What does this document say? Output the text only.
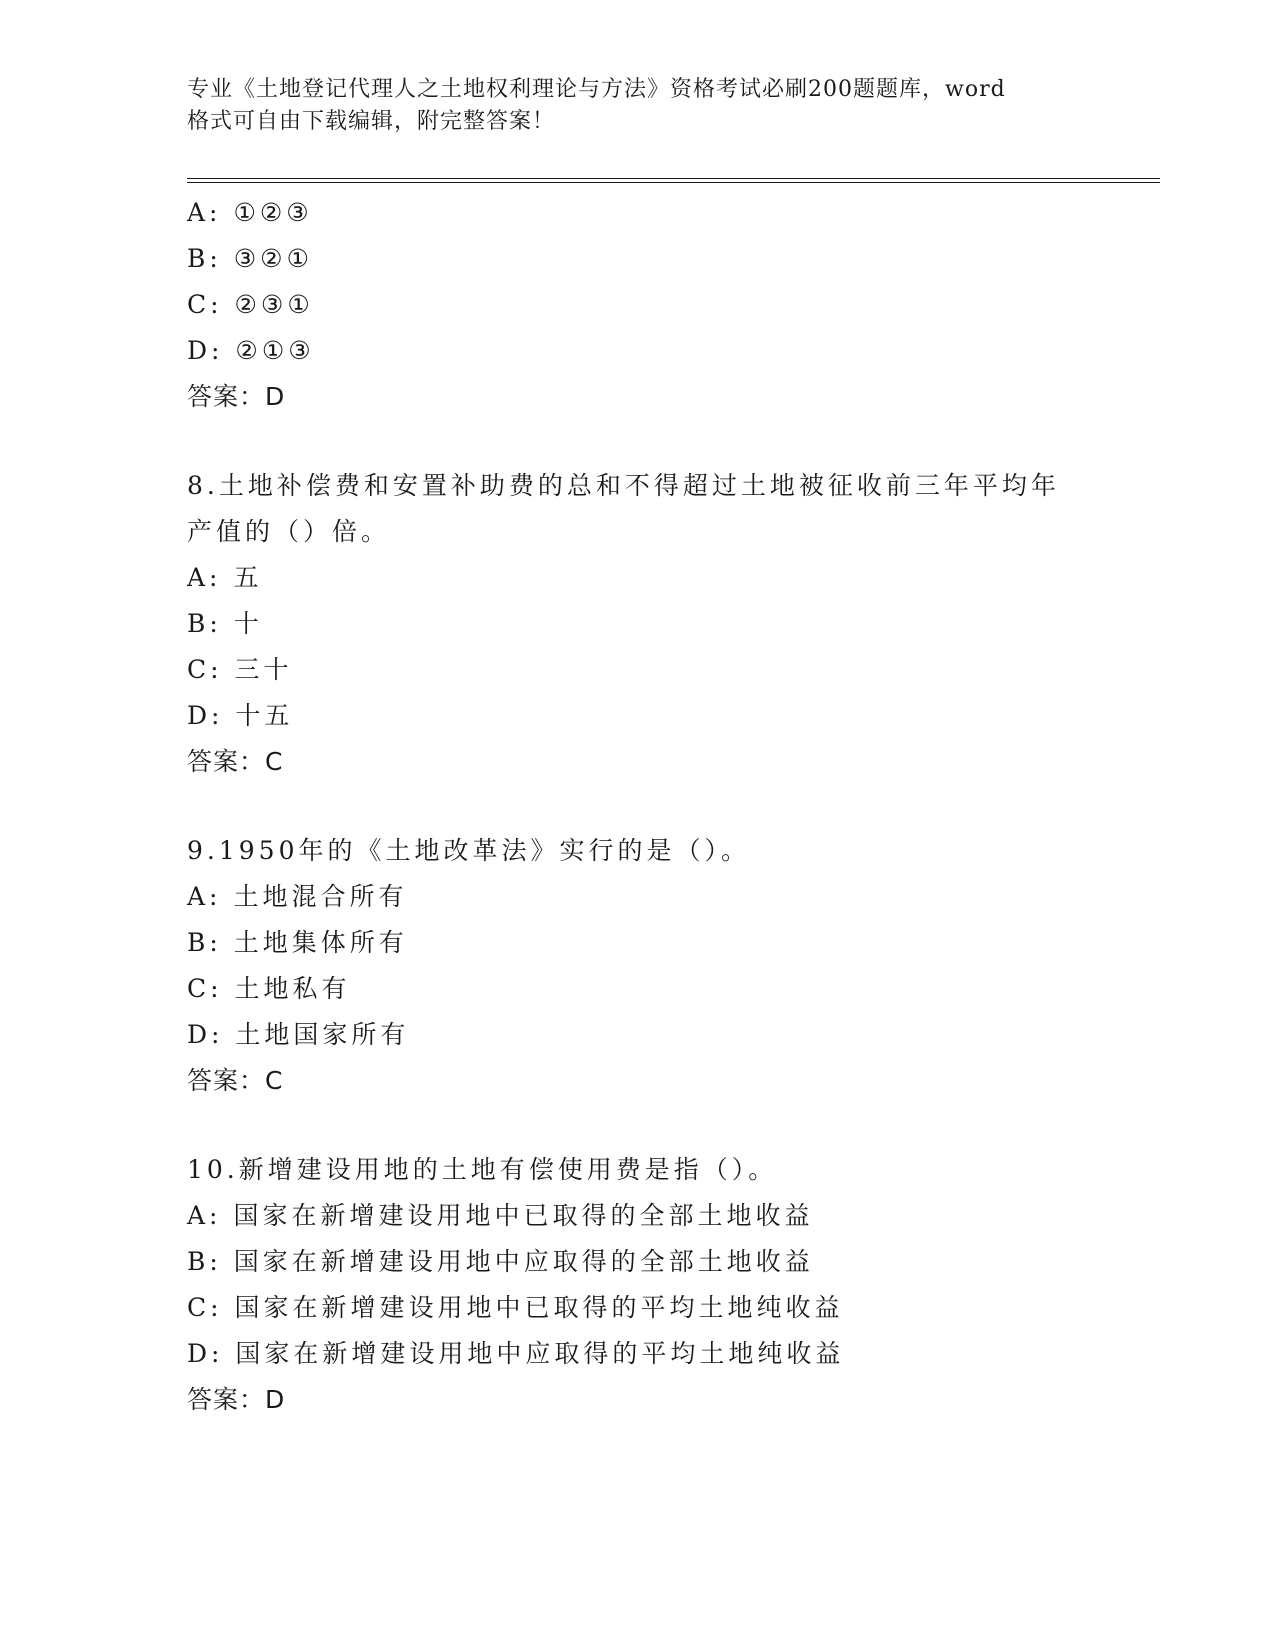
专业《土地登记代理人之土地权利理论与方法》资格考试必刷200题题库，word
格式可自由下载编辑，附完整答案！
A: ①②③
B: ③②①
C: ②③①
D: ②①③
答案：D
8.土地补偿费和安置补助费的总和不得超过土地被征收前三年平均年
产值的（）倍。
A: 五
B: 十
C: 三十
D: 十五
答案：C
9.1950年的《土地改革法》实行的是（）。
A: 土地混合所有
B: 土地集体所有
C: 土地私有
D: 土地国家所有
答案：C
10.新增建设用地的土地有偿使用费是指（）。
A: 国家在新增建设用地中已取得的全部土地收益
B: 国家在新增建设用地中应取得的全部土地收益
C: 国家在新增建设用地中已取得的平均土地纯收益
D: 国家在新增建设用地中应取得的平均土地纯收益
答案：D
